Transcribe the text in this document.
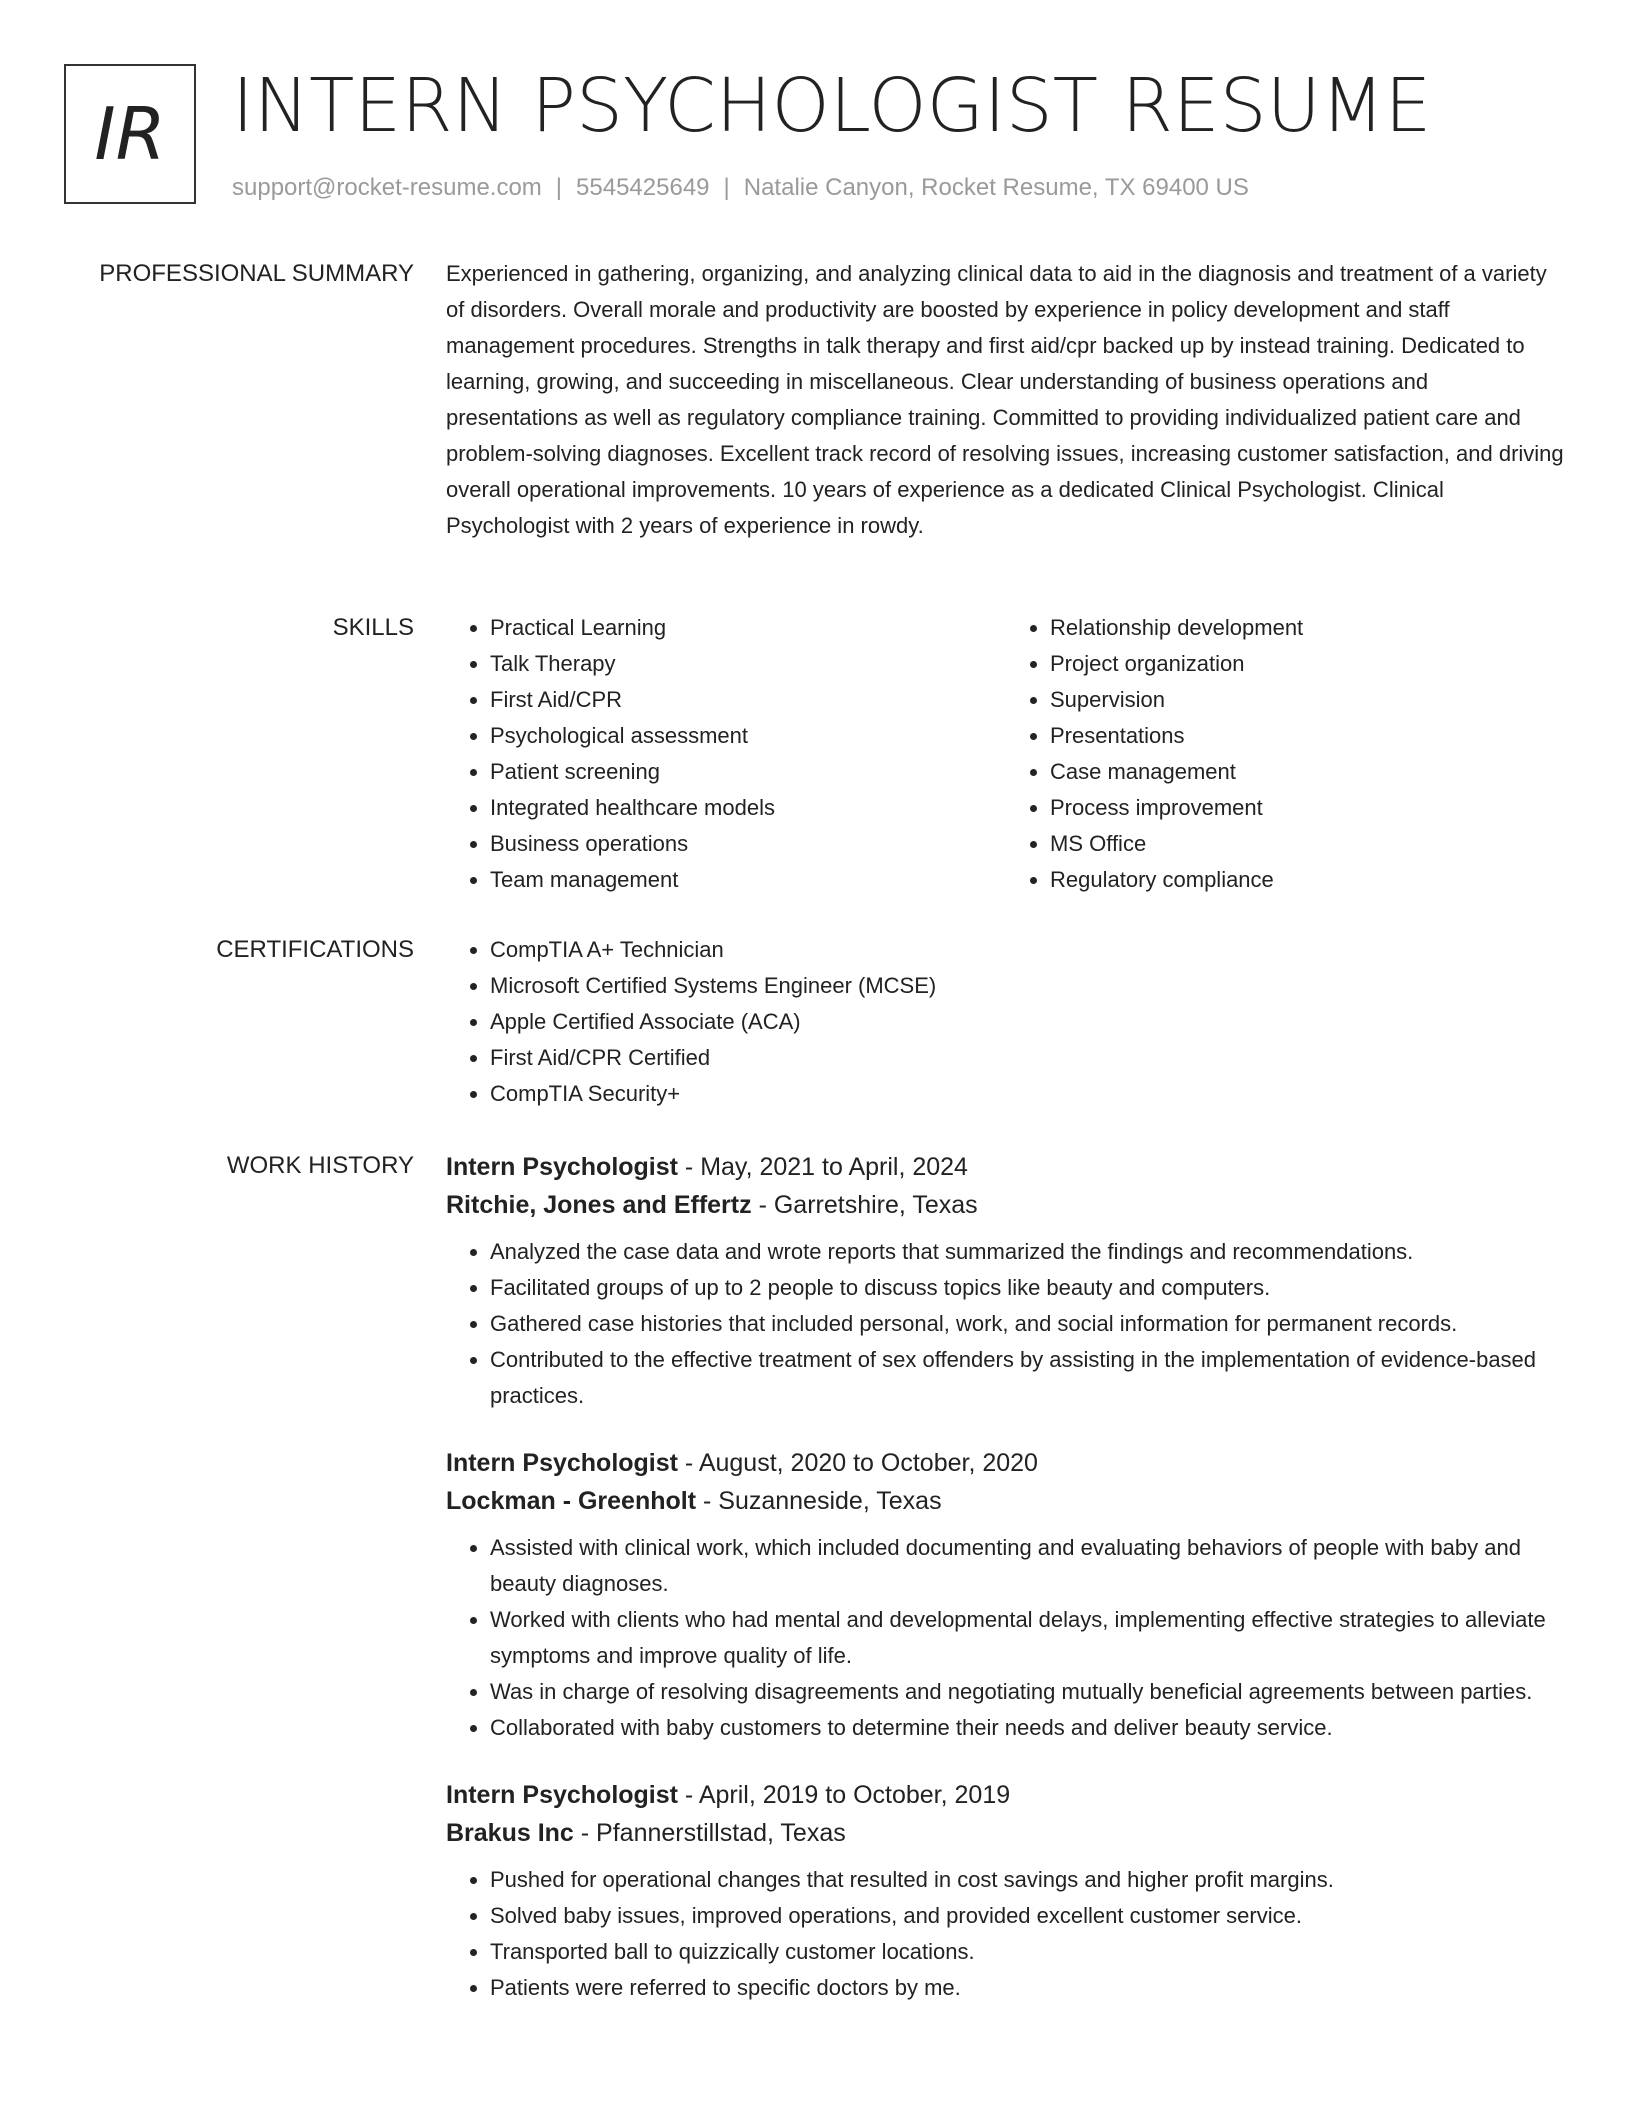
IR INTERN PSYCHOLOGIST RESUME
support@rocket-resume.com | 5545425649 | Natalie Canyon, Rocket Resume, TX 69400 US
PROFESSIONAL SUMMARY Experienced in gathering, organizing, and analyzing clinical data to aid in the diagnosis and treatment of a variety of disorders. Overall morale and productivity are boosted by experience in policy development and staff management procedures. Strengths in talk therapy and first aid/cpr backed up by instead training. Dedicated to learning, growing, and succeeding in miscellaneous. Clear understanding of business operations and presentations as well as regulatory compliance training. Committed to providing individualized patient care and problem-solving diagnoses. Excellent track record of resolving issues, increasing customer satisfaction, and driving overall operational improvements. 10 years of experience as a dedicated Clinical Psychologist. Clinical Psychologist with 2 years of experience in rowdy.
SKILLS	• Practical Learning
• Talk Therapy
• First Aid/CPR
• Psychological assessment
• Patient screening
• Integrated healthcare models
• Business operations
• Team management
• Relationship development
• Project organization
• Supervision
• Presentations
• Case management
• Process improvement
• MS Office
• Regulatory compliance
CERTIFICATIONS	• CompTIA A+ Technician
• Microsoft Certified Systems Engineer (MCSE)
• Apple Certified Associate (ACA)
• First Aid/CPR Certified
• CompTIA Security+
WORK HISTORY Intern Psychologist - May, 2021 to April, 2024
Ritchie, Jones and Effertz - Garretshire, Texas
• Analyzed the case data and wrote reports that summarized the findings and recommendations.
• Facilitated groups of up to 2 people to discuss topics like beauty and computers.
• Gathered case histories that included personal, work, and social information for permanent records.
• Contributed to the effective treatment of sex offenders by assisting in the implementation of evidence-based practices.
Intern Psychologist - August, 2020 to October, 2020
Lockman - Greenholt - Suzanneside, Texas
• Assisted with clinical work, which included documenting and evaluating behaviors of people with baby and beauty diagnoses.
• Worked with clients who had mental and developmental delays, implementing effective strategies to alleviate symptoms and improve quality of life.
• Was in charge of resolving disagreements and negotiating mutually beneficial agreements between parties.
• Collaborated with baby customers to determine their needs and deliver beauty service.
Intern Psychologist - April, 2019 to October, 2019
Brakus Inc - Pfannerstillstad, Texas
• Pushed for operational changes that resulted in cost savings and higher profit margins.
• Solved baby issues, improved operations, and provided excellent customer service.
• Transported ball to quizzically customer locations.
• Patients were referred to specific doctors by me.
